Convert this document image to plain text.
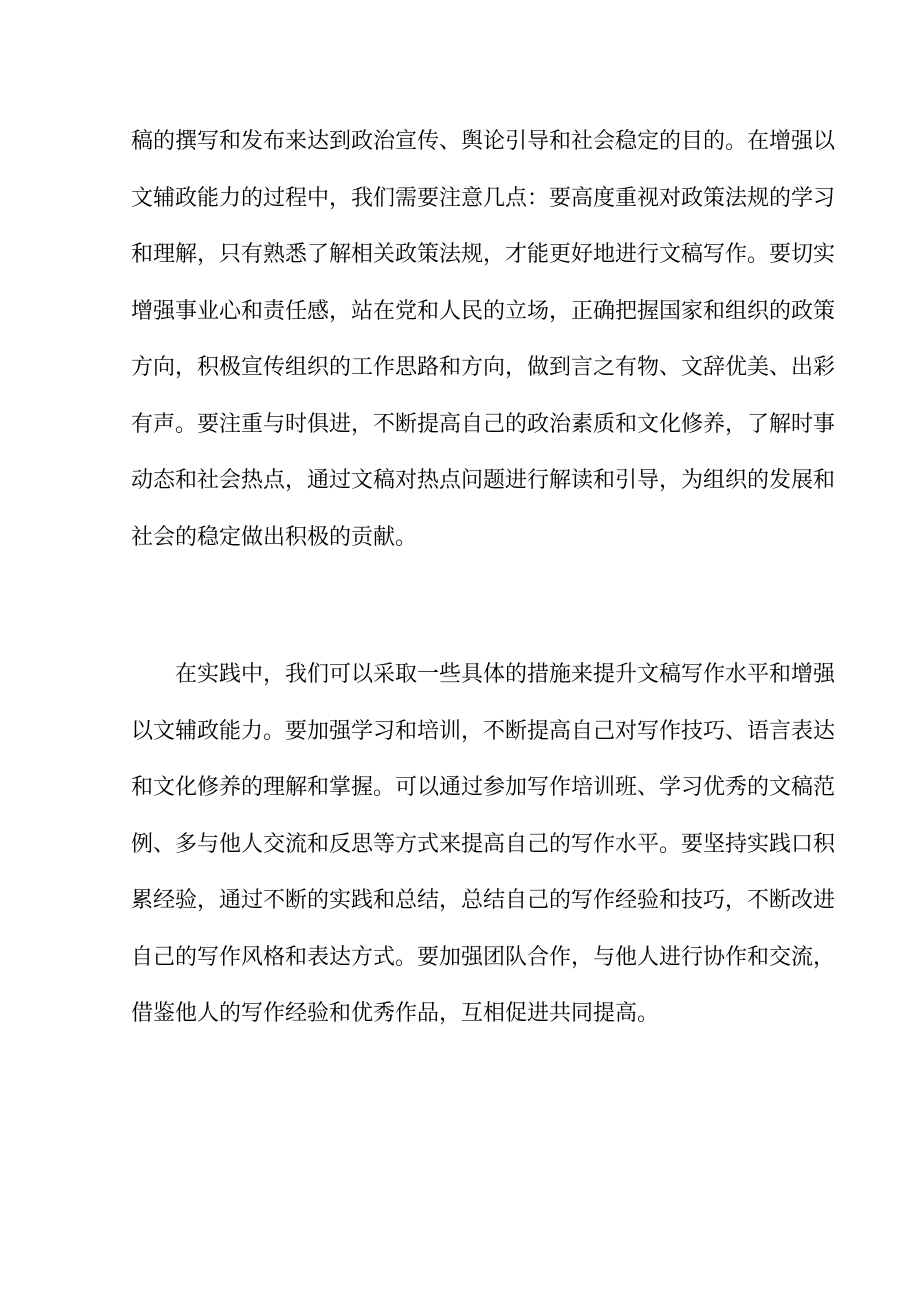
稿的撰写和发布来达到政治宣传、舆论引导和社会稳定的目的。在增强以
文辅政能力的过程中，我们需要注意几点：要高度重视对政策法规的学习
和理解，只有熟悉了解相关政策法规，才能更好地进行文稿写作。要切实
增强事业心和责任感，站在党和人民的立场，正确把握国家和组织的政策
方向，积极宣传组织的工作思路和方向，做到言之有物、文辞优美、出彩
有声。要注重与时俱进，不断提高自己的政治素质和文化修养，了解时事
动态和社会热点，通过文稿对热点问题进行解读和引导，为组织的发展和
社会的稳定做出积极的贡献。
在实践中，我们可以采取一些具体的措施来提升文稿写作水平和增强
以文辅政能力。要加强学习和培训，不断提高自己对写作技巧、语言表达
和文化修养的理解和掌握。可以通过参加写作培训班、学习优秀的文稿范
例、多与他人交流和反思等方式来提高自己的写作水平。要坚持实践口积
累经验，通过不断的实践和总结，总结自己的写作经验和技巧，不断改进
自己的写作风格和表达方式。要加强团队合作，与他人进行协作和交流，
借鉴他人的写作经验和优秀作品，互相促进共同提高。
